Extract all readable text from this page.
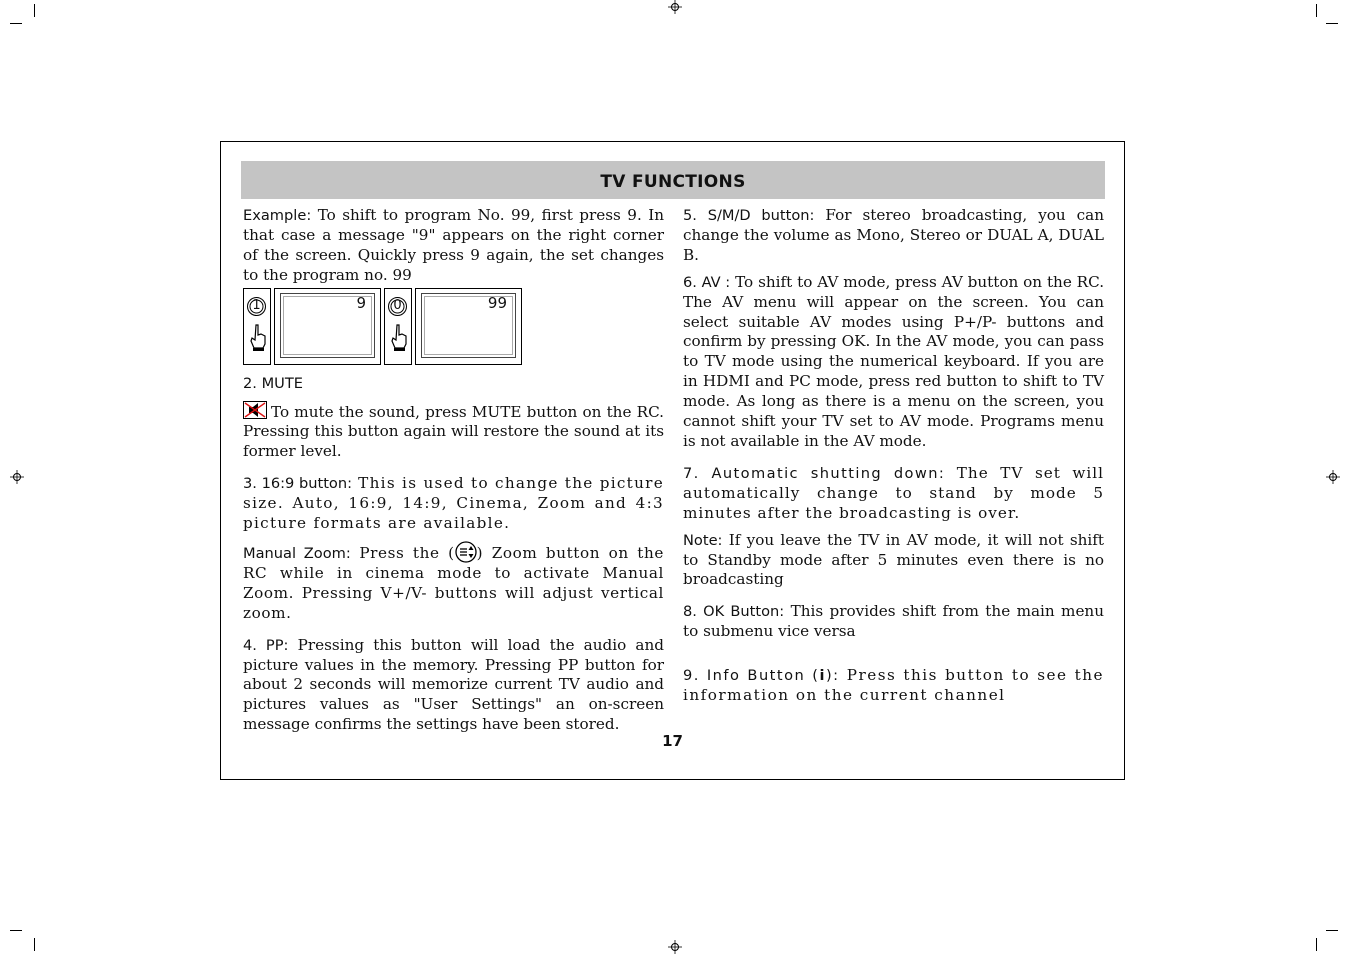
TV FUNCTIONS

Example: To shift to program No. 99, first press 9. In that case a message "9" appears on the right corner of the screen. Quickly press 9 again, the set changes to the program no. 99

1	9	0	99

2. MUTE

To mute the sound, press MUTE button on the RC. Pressing this button again will restore the sound at its former level.

3. 16:9 button: This is used to change the picture size. Auto, 16:9, 14:9, Cinema, Zoom and 4:3 picture formats are available.

Manual Zoom: Press the ( ) Zoom button on the RC while in cinema mode to activate Manual Zoom. Pressing V+/V- buttons will adjust vertical zoom.

4. PP: Pressing this button will load the audio and picture values in the memory. Pressing PP button for about 2 seconds will memorize current TV audio and pictures values as "User Settings" an on-screen message confirms the settings have been stored.

5. S/M/D button: For stereo broadcasting, you can change the volume as Mono, Stereo or DUAL A, DUAL B.

6. AV : To shift to AV mode, press AV button on the RC. The AV menu will appear on the screen. You can select suitable AV modes using P+/P- buttons and confirm by pressing OK. In the AV mode, you can pass to TV mode using the numerical keyboard. If you are in HDMI and PC mode, press red button to shift to TV mode. As long as there is a menu on the screen, you cannot shift your TV set to AV mode. Programs menu is not available in the AV mode.

7. Automatic shutting down: The TV set will automatically change to stand by mode 5 minutes after the broadcasting is over.

Note: If you leave the TV in AV mode, it will not shift to Standby mode after 5 minutes even there is no broadcasting

8. OK Button: This provides shift from the main menu to submenu vice versa

9. Info Button (i): Press this button to see the information on the current channel

17
